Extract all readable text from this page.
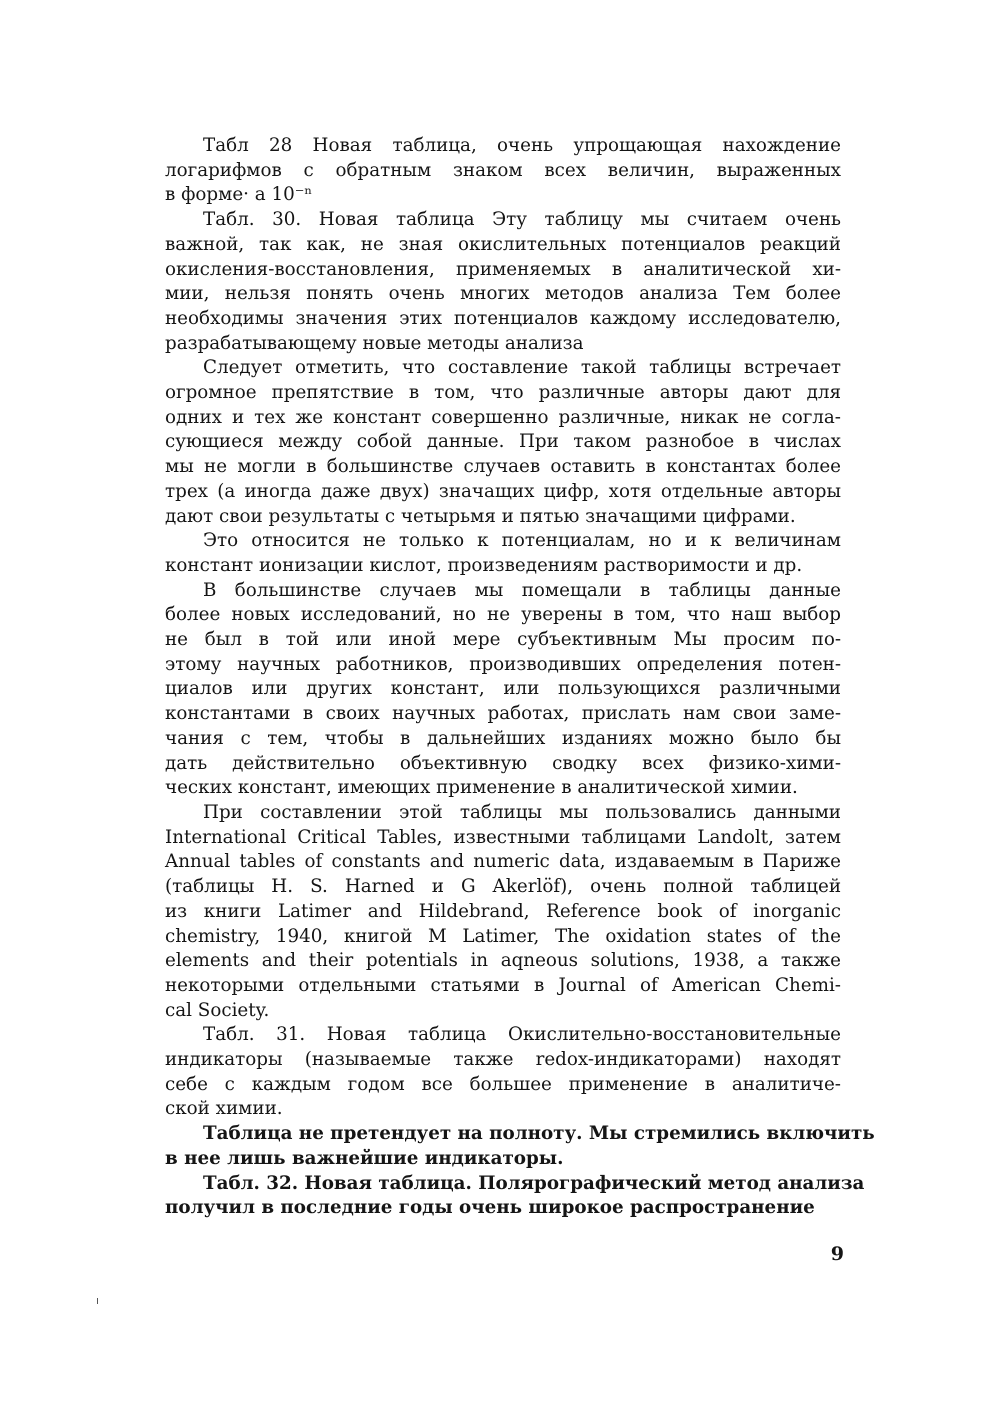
Табл 28 Новая таблица, очень упрощающая нахождение
логарифмов с обратным знаком всех величин, выраженных
в форме· a 10⁻ⁿ
Табл. 30. Новая таблица Эту таблицу мы считаем очень
важной, так как, не зная окислительных потенциалов реакций
окисления-восстановления, применяемых в аналитической хи-
мии, нельзя понять очень многих методов анализа Тем более
необходимы значения этих потенциалов каждому исследователю,
разрабатывающему новые методы анализа
Следует отметить, что составление такой таблицы встречает
огромное препятствие в том, что различные авторы дают для
одних и тех же констант совершенно различные, никак не согла-
сующиеся между собой данные. При таком разнобое в числах
мы не могли в большинстве случаев оставить в константах более
трех (а иногда даже двух) значащих цифр, хотя отдельные авторы
дают свои результаты с четырьмя и пятью значащими цифрами.
Это относится не только к потенциалам, но и к величинам
констант ионизации кислот, произведениям растворимости и др.
В большинстве случаев мы помещали в таблицы данные
более новых исследований, но не уверены в том, что наш выбор
не был в той или иной мере субъективным Мы просим по-
этому научных работников, производивших определения потен-
циалов или других констант, или пользующихся различными
константами в своих научных работах, прислать нам свои заме-
чания с тем, чтобы в дальнейших изданиях можно было бы
дать действительно объективную сводку всех физико-хими-
ческих констант, имеющих применение в аналитической химии.
При составлении этой таблицы мы пользовались данными
International Critical Tables, известными таблицами Landolt, затем
Annual tables of constants and numeric data, издаваемым в Париже
(таблицы H. S. Harned и G Akerlöf), очень полной таблицей
из книги Latimer and Hildebrand, Reference book of inorganic
chemistry, 1940, книгой M Latimer, The oxidation states of the
elements and their potentials in aqneous solutions, 1938, а также
некоторыми отдельными статьями в Journal of American Chemi-
cal Society.
Табл. 31. Новая таблица Окислительно-восстановительные
индикаторы (называемые также redox-индикаторами) находят
себе с каждым годом все большее применение в аналитиче-
ской химии.
Таблица не претендует на полноту. Мы стремились включить
в нее лишь важнейшие индикаторы.
Табл. 32. Новая таблица. Полярографический метод анализа
получил в последние годы очень широкое распространение
9
